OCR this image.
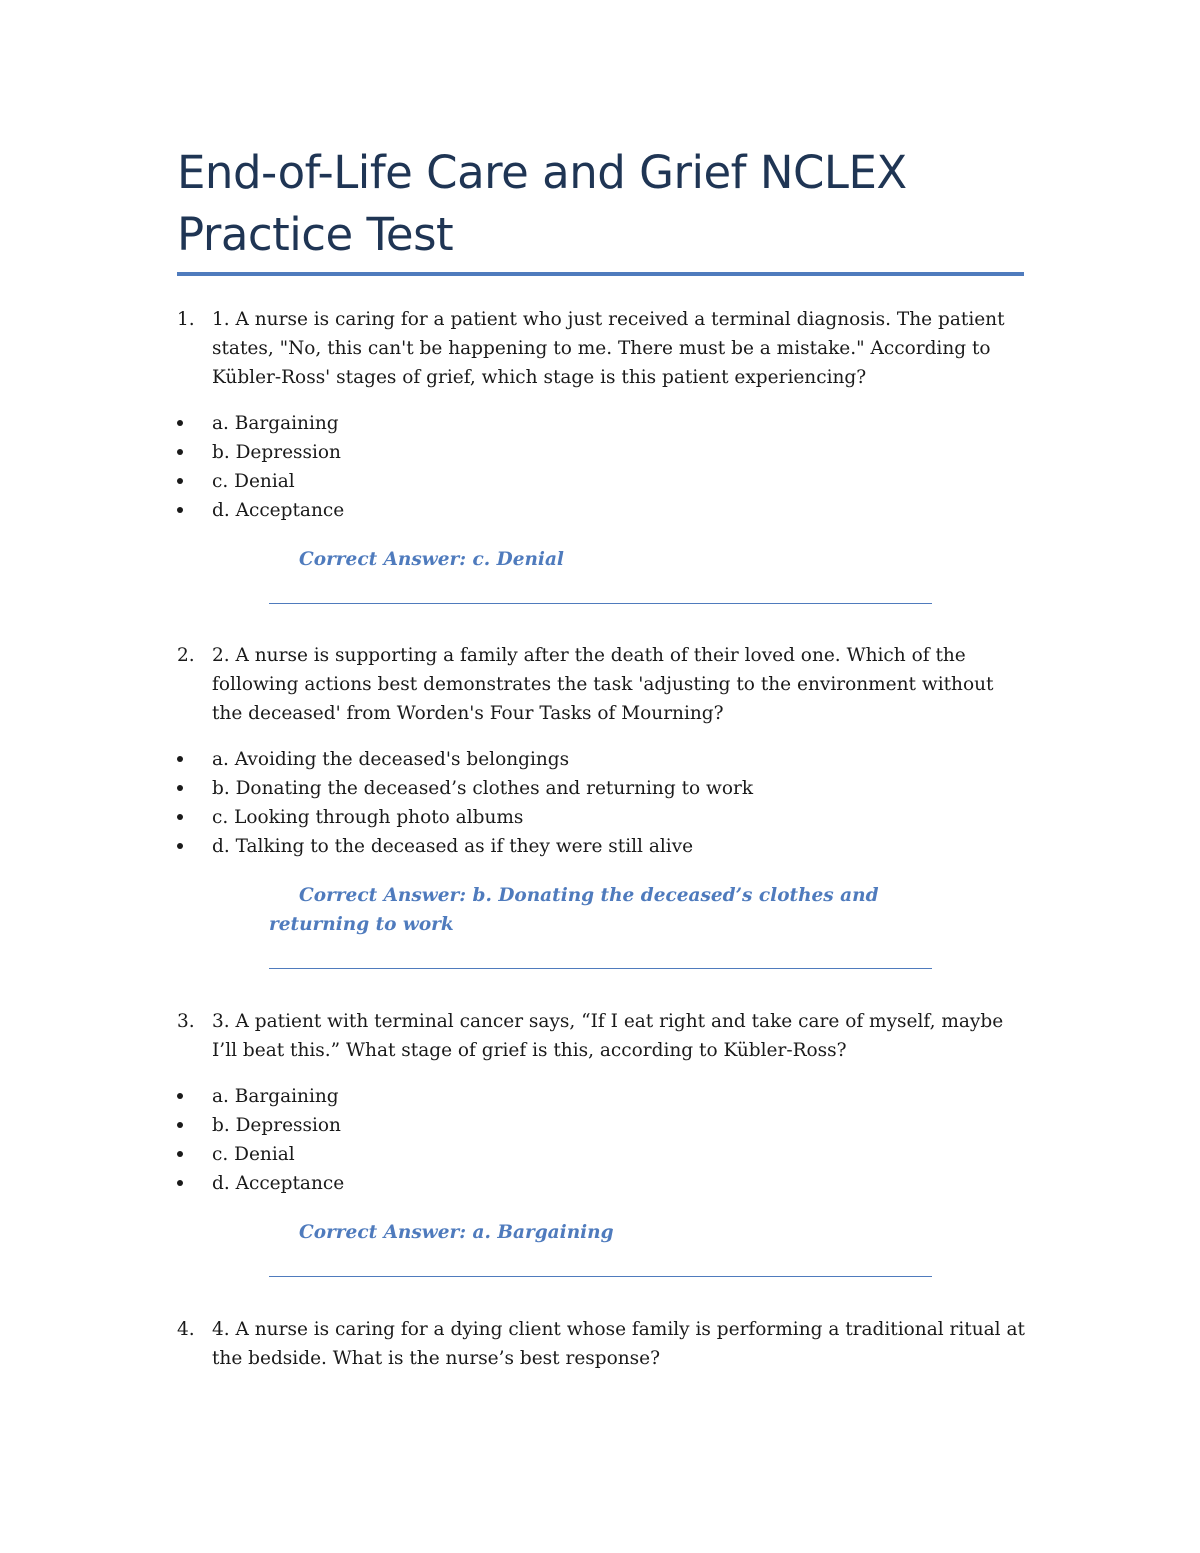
End-of-Life Care and Grief NCLEX Practice Test
1. 1. A nurse is caring for a patient who just received a terminal diagnosis. The patient states, "No, this can't be happening to me. There must be a mistake." According to Kübler-Ross' stages of grief, which stage is this patient experiencing?
a. Bargaining
b. Depression
c. Denial
d. Acceptance
Correct Answer: c. Denial
2. 2. A nurse is supporting a family after the death of their loved one. Which of the following actions best demonstrates the task 'adjusting to the environment without the deceased' from Worden's Four Tasks of Mourning?
a. Avoiding the deceased's belongings
b. Donating the deceased’s clothes and returning to work
c. Looking through photo albums
d. Talking to the deceased as if they were still alive
Correct Answer: b. Donating the deceased’s clothes and returning to work
3. 3. A patient with terminal cancer says, “If I eat right and take care of myself, maybe I’ll beat this.” What stage of grief is this, according to Kübler-Ross?
a. Bargaining
b. Depression
c. Denial
d. Acceptance
Correct Answer: a. Bargaining
4. 4. A nurse is caring for a dying client whose family is performing a traditional ritual at the bedside. What is the nurse’s best response?
